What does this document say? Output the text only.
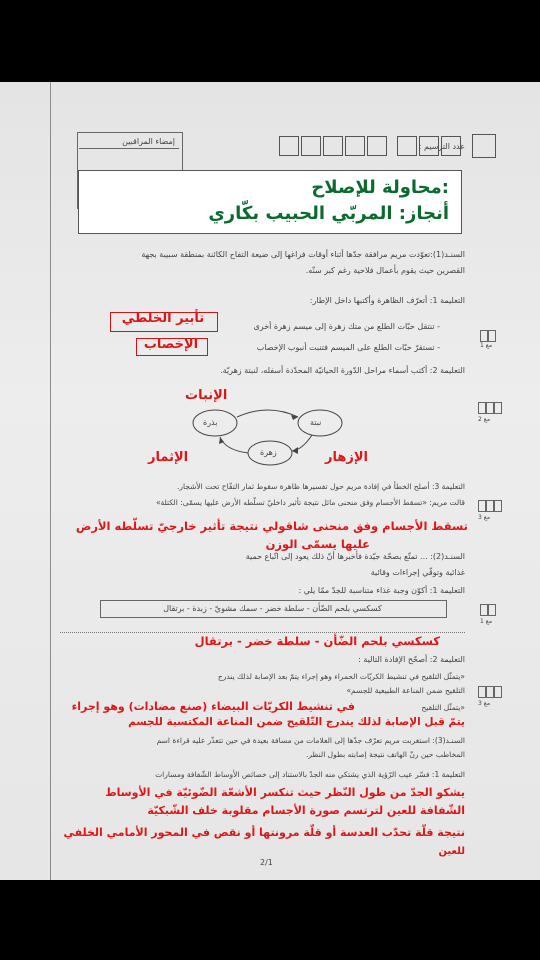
إمضاء المراقبين
عدد الترسيم :
محاولة للإصلاح:
أنجاز: المربّي الحبيب بكّاري
السنـد(1):تعوّدت مريم مرافقة جدّها أثناء أوقات فراغها إلى ضيعة التفاح الكائنة بمنطقة سبيبة بجهة
القصرين حيث يقوم بأعمال فلاحية رغم كبر سنّه.
التعليمة 1: أتعرّف الظاهرة وأكتبها داخل الإطار:
تأبير الخلطي
الإخصاب
- تنتقل حبّات الطلع من متك زهرة إلى ميسم زهرة أخرى
- تستقرّ حبّات الطلع على الميسم فتنبت أنبوب الإخصاب
التعليمة 2: أكتب أسماء مراحل الدّورة الحياتيّة المحدّدة أسفله، لنبتة زهريّة.
بذرة	نبتة
زهرة
الإنبات
الإزهار
الإثمار
التعليمة 3: أصلح الخطأ في إفادة مريم حول تفسيرها ظاهرة سقوط ثمار التفّاح تحت الأشجار.
قالت مريم: «تسقط الأجسام وفق منحنى مائل نتيجة تأثير داخليّ تسلّطه الأرض عليها يسمّى: الكتلة»
تسقط الأجسام وفق منحنى شاقولي نتيجة تأثير خارجيّ تسلّطه الأرض
عليها يسمّى الوزن
السنـد(2): ... تمتّع بصحّة جيّدة فأخبرها أنّ ذلك يعود إلى اتّباع حمية
غذائية وتوقّي إجراءات وقائية
التعليمة 1: أكوّن وجبة غذاء متناسبة للجدّ ممّا يلي :
كسكسي بلحم الضّأن - سلطة خضر - سمك مشويّ - زبدة - برتقال
كسكسي بلحم الضّأن - سلطة خضر - برتقال
التعليمة 2: أصحّح الإفادة التالية :
«يتمثّل التلقيح في تنشيط الكريّات الحمراء وهو إجراء يتمّ بعد الإصابة لذلك يندرج
التلقيح ضمن المناعة الطبيعية للجسم»
«يتمثّل التلقيح
في تنشيط الكريّات البيضاء (صنع مضادات) وهو إجراء
يتمّ قبل الإصابة لذلك يندرج التّلقيح ضمن المناعة المكتسبة للجسم
السنـد(3): استغربت مريم تعرّف جدّها إلى العلامات من مسافة بعيدة في حين تتعذّر عليه قراءة اسم
المخاطب حين رنّ الهاتف نتيجة إصابته بطول النظر.
التعليمة 1: فسّر عيب الرّؤية الذي يشتكي منه الجدّ بالاستناد إلى خصائص الأوساط الشّفافة ومسارات
يشكو الجدّ من طول النّظر حيث تنكسر الأشعّة الضّوئيّة في الأوساط
الشّفافة للعين لترتسم صورة الأجسام مقلوبة خلف الشّبكيّة
نتيجة قلّة تحدّب العدسة أو قلّة مرونتها أو نقص في المحور الأمامي الخلفي
للعين
2/1
مع 1
مع 2
مع 3
مع 1
مع 3
